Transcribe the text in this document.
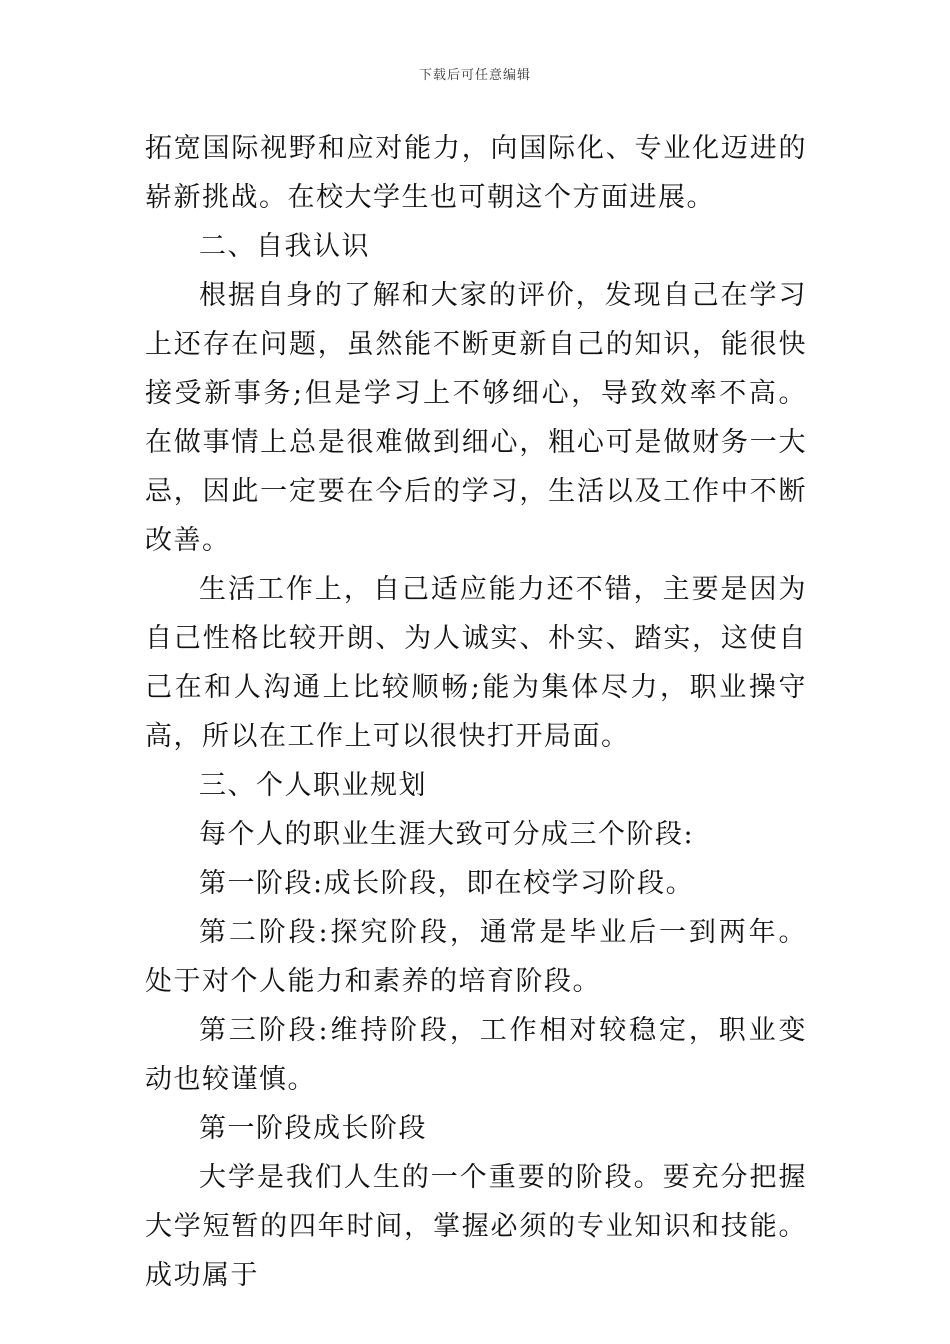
下载后可任意编辑

拓宽国际视野和应对能力，向国际化、专业化迈进的崭新挑战。在校大学生也可朝这个方面进展。

二、自我认识

根据自身的了解和大家的评价，发现自己在学习上还存在问题，虽然能不断更新自己的知识，能很快接受新事务;但是学习上不够细心，导致效率不高。在做事情上总是很难做到细心，粗心可是做财务一大忌，因此一定要在今后的学习，生活以及工作中不断改善。

生活工作上，自己适应能力还不错，主要是因为自己性格比较开朗、为人诚实、朴实、踏实，这使自己在和人沟通上比较顺畅;能为集体尽力，职业操守高，所以在工作上可以很快打开局面。

三、个人职业规划

每个人的职业生涯大致可分成三个阶段:

第一阶段:成长阶段，即在校学习阶段。

第二阶段:探究阶段，通常是毕业后一到两年。处于对个人能力和素养的培育阶段。

第三阶段:维持阶段，工作相对较稳定，职业变动也较谨慎。

第一阶段成长阶段

大学是我们人生的一个重要的阶段。要充分把握大学短暂的四年时间，掌握必须的专业知识和技能。成功属于
